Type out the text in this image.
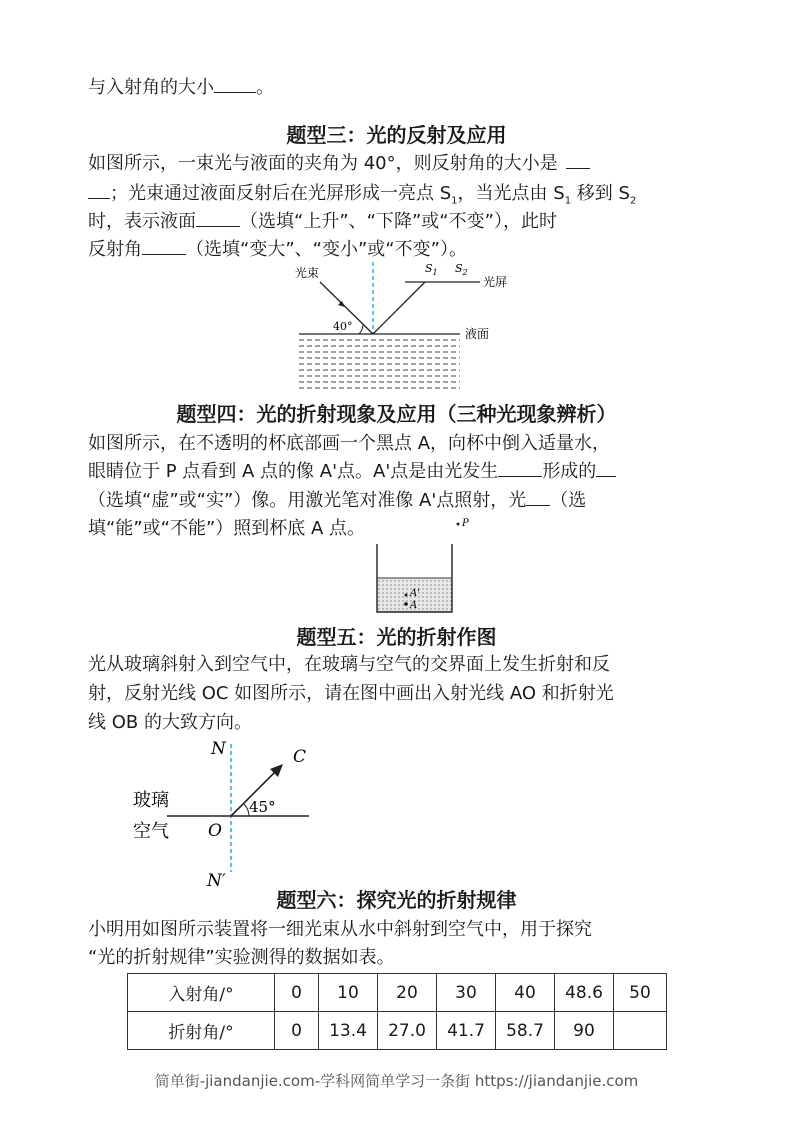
与入射角的大小 。
题型三：光的反射及应用
如图所示，一束光与液面的夹角为 40°，则反射角的大小是
；光束通过液面反射后在光屏形成一亮点 $S_1$，当光点由 $S_1$ 移到 $S_2$
时，表示液面 （选填“上升”、“下降”或“不变”），此时
反射角 （选填“变大”、“变小”或“不变”）。
光束
光屏
液面
40°
$S_1$ $S_2$
题型四：光的折射现象及应用（三种光现象辨析）
如图所示，在不透明的杯底部画一个黑点 A，向杯中倒入适量水，
眼睛位于 P 点看到 A 点的像 A'点。A'点是由光发生 形成的
（选填“虚”或“实”）像。用激光笔对准像 A'点照射，光 （选
填“能”或“不能”）照到杯底 A 点。	P
A'
A
题型五：光的折射作图
光从玻璃斜射入到空气中，在玻璃与空气的交界面上发生折射和反
射，反射光线 OC 如图所示，请在图中画出入射光线 AO 和折射光
线 OB 的大致方向。
N
N′
C
O
45°
玻璃
空气
题型六：探究光的折射规律
小明用如图所示装置将一细光束从水中斜射到空气中，用于探究
“光的折射规律”实验测得的数据如表。
入射角/°	0	10	20	30	40	48.6	50
折射角/°	0	13.4	27.0	41.7	58.7	90	
简单街-jiandanjie.com-学科网简单学习一条街 https://jiandanjie.com
